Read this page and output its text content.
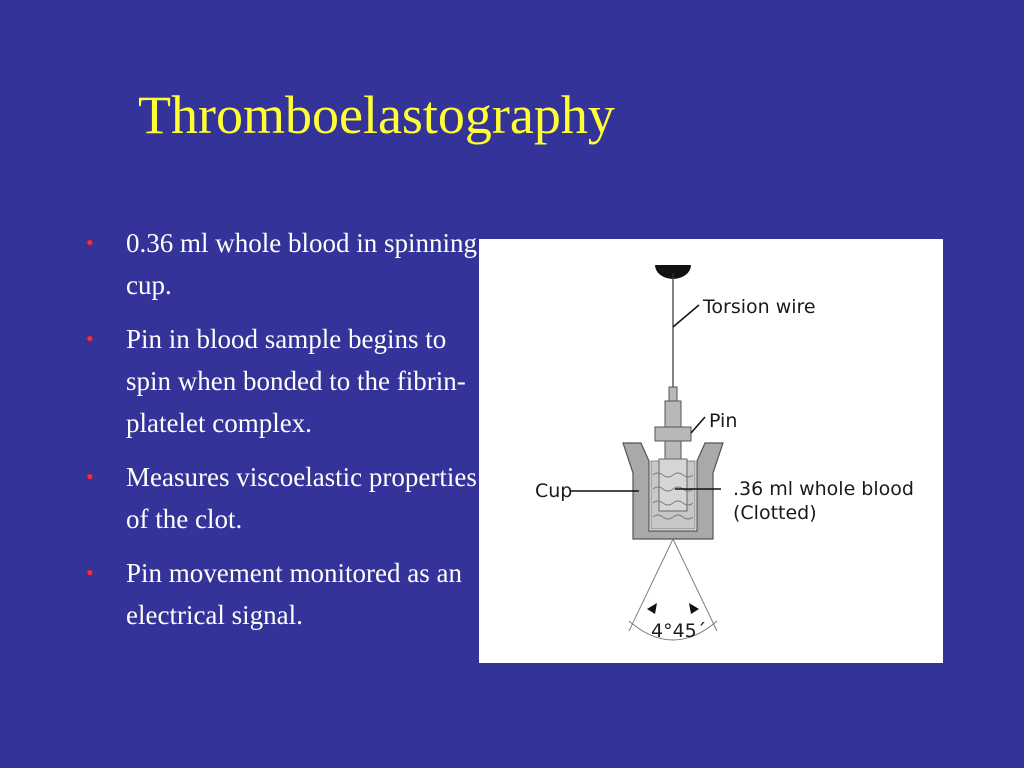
Thromboelastography
• 0.36 ml whole blood in spinning cup.
• Pin in blood sample begins to spin when bonded to the fibrin-platelet complex.
• Measures viscoelastic properties of the clot.
• Pin movement monitored as an electrical signal.
Torsion wire
Pin
Cup	.36 ml whole blood
(Clotted)
4°45´
